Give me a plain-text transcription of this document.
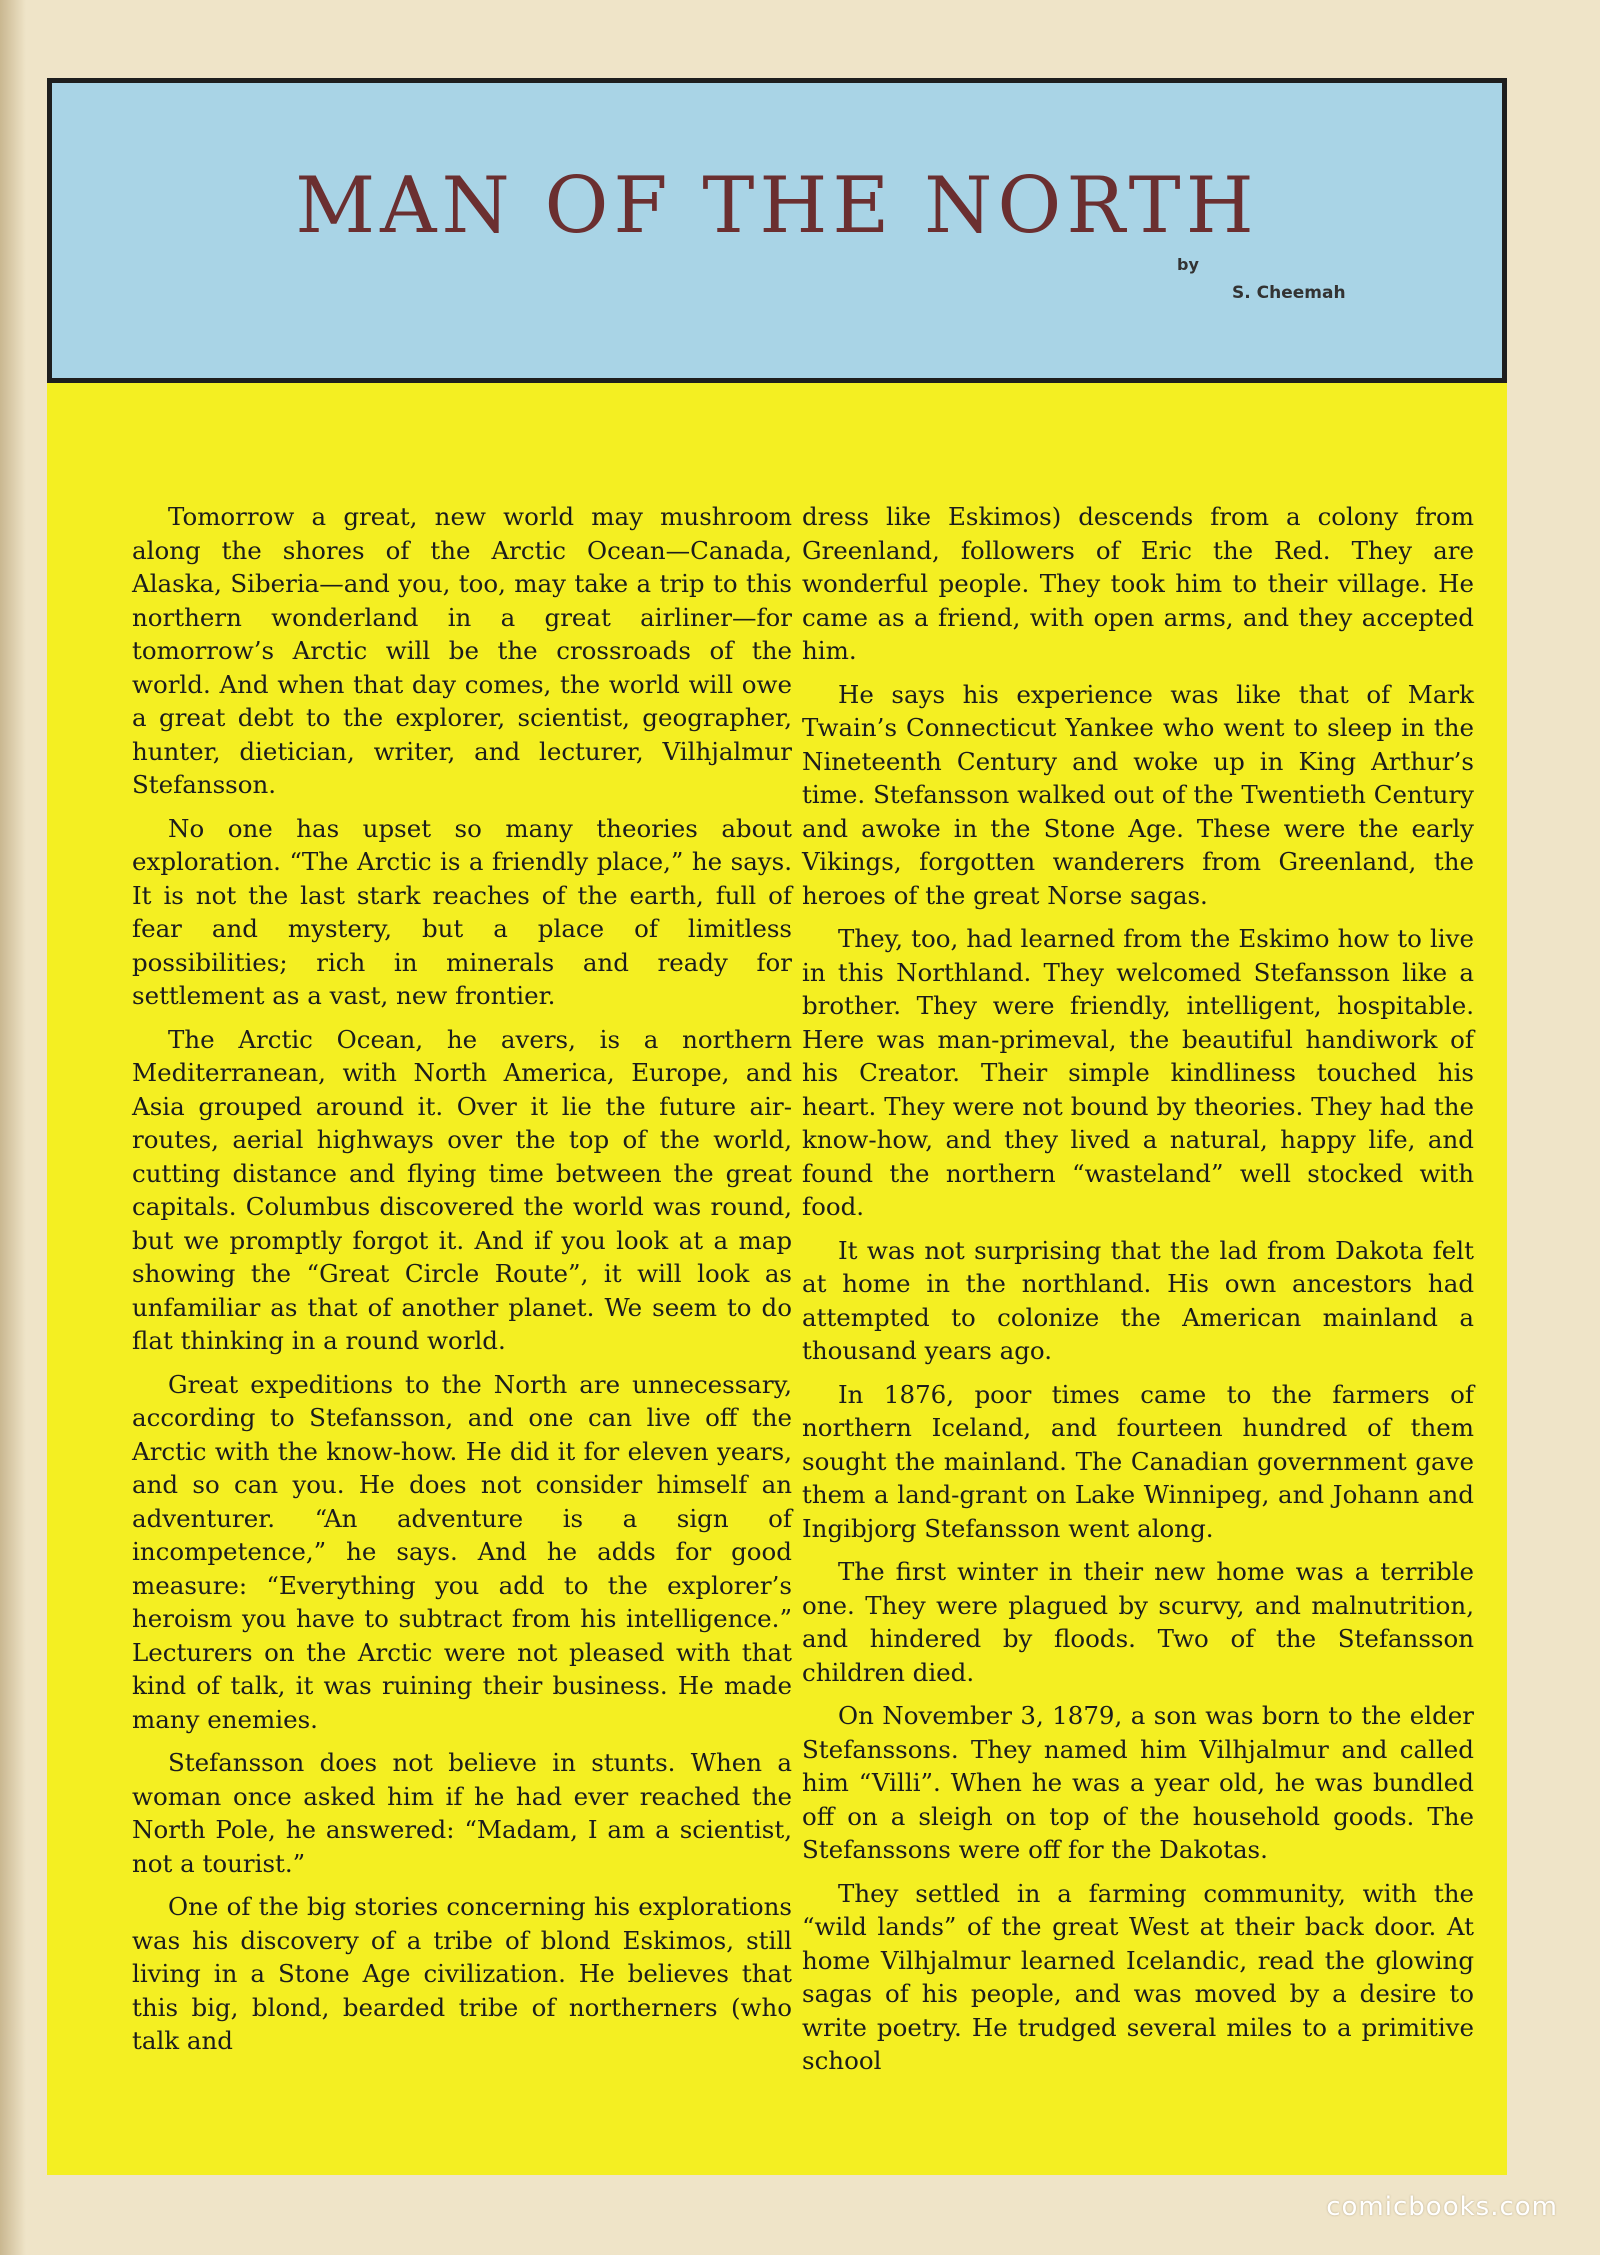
MAN OF THE NORTH
by
S. Cheemah

Tomorrow a great, new world may mushroom along the shores of the Arctic Ocean—Canada, Alaska, Siberia—and you, too, may take a trip to this northern wonderland in a great airliner—for tomorrow’s Arctic will be the crossroads of the world. And when that day comes, the world will owe a great debt to the explorer, scientist, geographer, hunter, dietician, writer, and lecturer, Vilhjalmur Stefansson.

No one has upset so many theories about exploration. “The Arctic is a friendly place,” he says. It is not the last stark reaches of the earth, full of fear and mystery, but a place of limitless possibilities; rich in minerals and ready for settlement as a vast, new frontier.

The Arctic Ocean, he avers, is a northern Mediterranean, with North America, Europe, and Asia grouped around it. Over it lie the future air-routes, aerial highways over the top of the world, cutting distance and flying time between the great capitals. Columbus discovered the world was round, but we promptly forgot it. And if you look at a map showing the “Great Circle Route”, it will look as unfamiliar as that of another planet. We seem to do flat thinking in a round world.

Great expeditions to the North are unnecessary, according to Stefansson, and one can live off the Arctic with the know-how. He did it for eleven years, and so can you. He does not consider himself an adventurer. “An adventure is a sign of incompetence,” he says. And he adds for good measure: “Everything you add to the explorer’s heroism you have to subtract from his intelligence.” Lecturers on the Arctic were not pleased with that kind of talk, it was ruining their business. He made many enemies.

Stefansson does not believe in stunts. When a woman once asked him if he had ever reached the North Pole, he answered: “Madam, I am a scientist, not a tourist.”

One of the big stories concerning his explorations was his discovery of a tribe of blond Eskimos, still living in a Stone Age civilization. He believes that this big, blond, bearded tribe of northerners (who talk and

dress like Eskimos) descends from a colony from Greenland, followers of Eric the Red. They are wonderful people. They took him to their village. He came as a friend, with open arms, and they accepted him.

He says his experience was like that of Mark Twain’s Connecticut Yankee who went to sleep in the Nineteenth Century and woke up in King Arthur’s time. Stefansson walked out of the Twentieth Century and awoke in the Stone Age. These were the early Vikings, forgotten wanderers from Greenland, the heroes of the great Norse sagas.

They, too, had learned from the Eskimo how to live in this Northland. They welcomed Stefansson like a brother. They were friendly, intelligent, hospitable. Here was man-primeval, the beautiful handiwork of his Creator. Their simple kindliness touched his heart. They were not bound by theories. They had the know-how, and they lived a natural, happy life, and found the northern “wasteland” well stocked with food.

It was not surprising that the lad from Dakota felt at home in the northland. His own ancestors had attempted to colonize the American mainland a thousand years ago.

In 1876, poor times came to the farmers of northern Iceland, and fourteen hundred of them sought the mainland. The Canadian government gave them a land-grant on Lake Winnipeg, and Johann and Ingibjorg Stefansson went along.

The first winter in their new home was a terrible one. They were plagued by scurvy, and malnutrition, and hindered by floods. Two of the Stefansson children died.

On November 3, 1879, a son was born to the elder Stefanssons. They named him Vilhjalmur and called him “Villi”. When he was a year old, he was bundled off on a sleigh on top of the household goods. The Stefanssons were off for the Dakotas.

They settled in a farming community, with the “wild lands” of the great West at their back door. At home Vilhjalmur learned Icelandic, read the glowing sagas of his people, and was moved by a desire to write poetry. He trudged several miles to a primitive school

comicbooks.com
